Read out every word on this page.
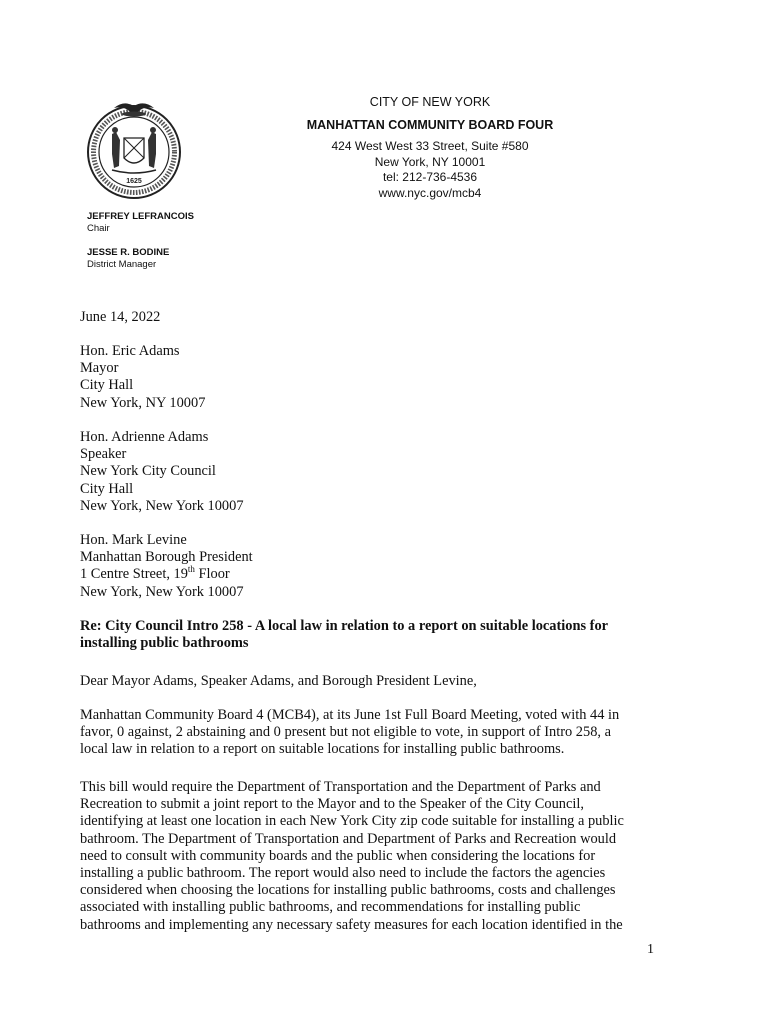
1625
CITY OF NEW YORK
MANHATTAN COMMUNITY BOARD FOUR
424 West West 33 Street, Suite #580
New York, NY 10001
tel: 212-736-4536
www.nyc.gov/mcb4
JEFFREY LEFRANCOIS
Chair
JESSE R. BODINE
District Manager
June 14, 2022
Hon. Eric Adams
Mayor
City Hall
New York, NY 10007
Hon. Adrienne Adams
Speaker
New York City Council
City Hall
New York, New York 10007
Hon. Mark Levine
Manhattan Borough President
1 Centre Street, 19th Floor
New York, New York 10007
Re: City Council Intro 258 - A local law in relation to a report on suitable locations for
installing public bathrooms
Dear Mayor Adams, Speaker Adams, and Borough President Levine,
Manhattan Community Board 4 (MCB4), at its June 1st Full Board Meeting, voted with 44 in
favor, 0 against, 2 abstaining and 0 present but not eligible to vote, in support of Intro 258, a
local law in relation to a report on suitable locations for installing public bathrooms.
This bill would require the Department of Transportation and the Department of Parks and
Recreation to submit a joint report to the Mayor and to the Speaker of the City Council,
identifying at least one location in each New York City zip code suitable for installing a public
bathroom. The Department of Transportation and Department of Parks and Recreation would
need to consult with community boards and the public when considering the locations for
installing a public bathroom. The report would also need to include the factors the agencies
considered when choosing the locations for installing public bathrooms, costs and challenges
associated with installing public bathrooms, and recommendations for installing public
bathrooms and implementing any necessary safety measures for each location identified in the
1
